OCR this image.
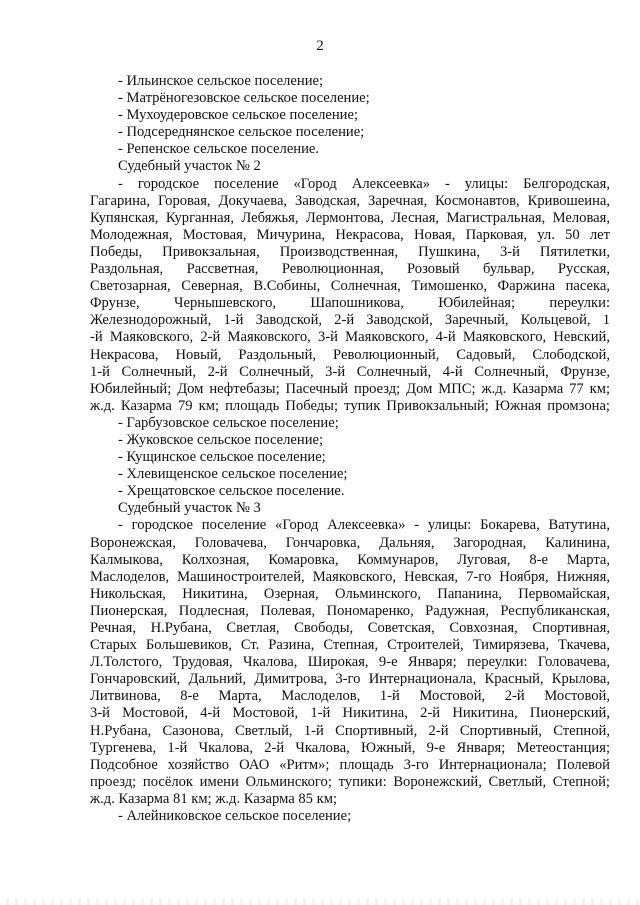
2
- Ильинское сельское поселение;
- Матрёногезовское сельское поселение;
- Мухоудеровское сельское поселение;
- Подсереднянское сельское поселение;
- Репенское сельское поселение.
Судебный участок № 2
- городское поселение «Город Алексеевка» - улицы: Белгородская,
Гагарина, Горовая, Докучаева, Заводская, Заречная, Космонавтов, Кривошеина,
Купянская, Курганная, Лебяжья, Лермонтова, Лесная, Магистральная, Меловая,
Молодежная, Мостовая, Мичурина, Некрасова, Новая, Парковая, ул. 50 лет
Победы, Привокзальная, Производственная, Пушкина, 3-й Пятилетки,
Раздольная, Рассветная, Революционная, Розовый бульвар, Русская,
Светозарная, Северная, В.Собины, Солнечная, Тимошенко, Фаржина пасека,
Фрунзе, Чернышевского, Шапошникова, Юбилейная; переулки:
Железнодорожный, 1-й Заводской, 2-й Заводской, Заречный, Кольцевой, 1
-й Маяковского, 2-й Маяковского, 3-й Маяковского, 4-й Маяковского, Невский,
Некрасова, Новый, Раздольный, Революционный, Садовый, Слободской,
1-й Солнечный, 2-й Солнечный, 3-й Солнечный, 4-й Солнечный, Фрунзе,
Юбилейный; Дом нефтебазы; Пасечный проезд; Дом МПС; ж.д. Казарма 77 км;
ж.д. Казарма 79 км; площадь Победы; тупик Привокзальный; Южная промзона;
- Гарбузовское сельское поселение;
- Жуковское сельское поселение;
- Кущинское сельское поселение;
- Хлевищенское сельское поселение;
- Хрещатовское сельское поселение.
Судебный участок № 3
- городское поселение «Город Алексеевка» - улицы: Бокарева, Ватутина,
Воронежская, Головачева, Гончаровка, Дальняя, Загородная, Калинина,
Калмыкова, Колхозная, Комаровка, Коммунаров, Луговая, 8-е Марта,
Маслоделов, Машиностроителей, Маяковского, Невская, 7-го Ноября, Нижняя,
Никольская, Никитина, Озерная, Ольминского, Папанина, Первомайская,
Пионерская, Подлесная, Полевая, Пономаренко, Радужная, Республиканская,
Речная, Н.Рубана, Светлая, Свободы, Советская, Совхозная, Спортивная,
Старых Большевиков, Ст. Разина, Степная, Строителей, Тимирязева, Ткачева,
Л.Толстого, Трудовая, Чкалова, Широкая, 9-е Января; переулки: Головачева,
Гончаровский, Дальний, Димитрова, 3-го Интернационала, Красный, Крылова,
Литвинова, 8-е Марта, Маслоделов, 1-й Мостовой, 2-й Мостовой,
3-й Мостовой, 4-й Мостовой, 1-й Никитина, 2-й Никитина, Пионерский,
Н.Рубана, Сазонова, Светлый, 1-й Спортивный, 2-й Спортивный, Степной,
Тургенева, 1-й Чкалова, 2-й Чкалова, Южный, 9-е Января; Метеостанция;
Подсобное хозяйство ОАО «Ритм»; площадь 3-го Интернационала; Полевой
проезд; посёлок имени Ольминского; тупики: Воронежский, Светлый, Степной;
ж.д. Казарма 81 км; ж.д. Казарма 85 км;
- Алейниковское сельское поселение;
